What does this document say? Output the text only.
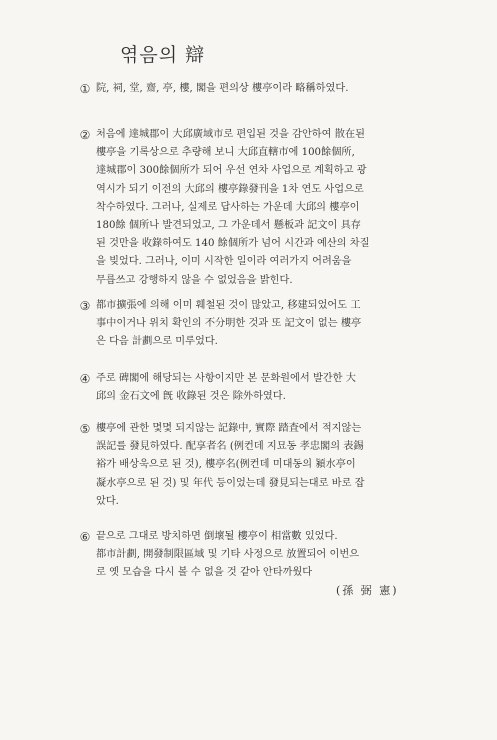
엮음의 辯
① 院, 祠, 堂, 齋, 亭, 樓, 閣을 편의상 樓亭이라 略稱하였다.
② 처음에 達城郡이 大邱廣域市로 편입된 것을 감안하여 散在된
樓亭을 기록상으로 추량해 보니 大邱直轄市에 100餘個所,
達城郡이 300餘個所가 되어 우선 연차 사업으로 계획하고 광
역시가 되기 이전의 大邱의 樓亭錄發刊을 1차 연도 사업으로
착수하였다. 그러나, 실제로 답사하는 가운데 大邱의 樓亭이
180餘 個所나 발견되었고, 그 가운데서 懸板과 記文이 具存
된 것만을 收錄하여도 140 餘個所가 넘어 시간과 예산의 차질
을 빚었다. 그러나, 이미 시작한 일이라 여러가지 어려움을
무릅쓰고 강행하지 않을 수 없었음을 밝힌다.
③ 都市擴張에 의해 이미 훼철된 것이 많았고, 移建되었어도 工
事中이거나 위치 확인의 不分明한 것과 또 記文이 없는 樓亭
은 다음 計劃으로 미루었다.
④ 주로 碑閣에 해당되는 사항이지만 본 문화원에서 발간한 大
邱의 金石文에 旣 收錄된 것은 除外하였다.
⑤ 樓亭에 관한 몇몇 되지않는 記錄中, 實際 踏査에서 적지않는
誤記를 發見하였다. 配享者名 (例컨데 지묘동 孝忠閣의 表錫
裕가 배상욱으로 된 것), 樓亭名(例컨데 미대동의 潁水亭이
凝水亭으로 된 것) 및 年代 등이었는데 發見되는대로 바로 잡
았다.
⑥ 끝으로 그대로 방치하면 倒壞될 樓亭이 相當數 있었다.
都市計劃, 開發制限區域 및 기타 사정으로 放置되어 이번으
로 옛 모습을 다시 볼 수 없을 것 같아 안타까웠다
(孫 弼 憲)
